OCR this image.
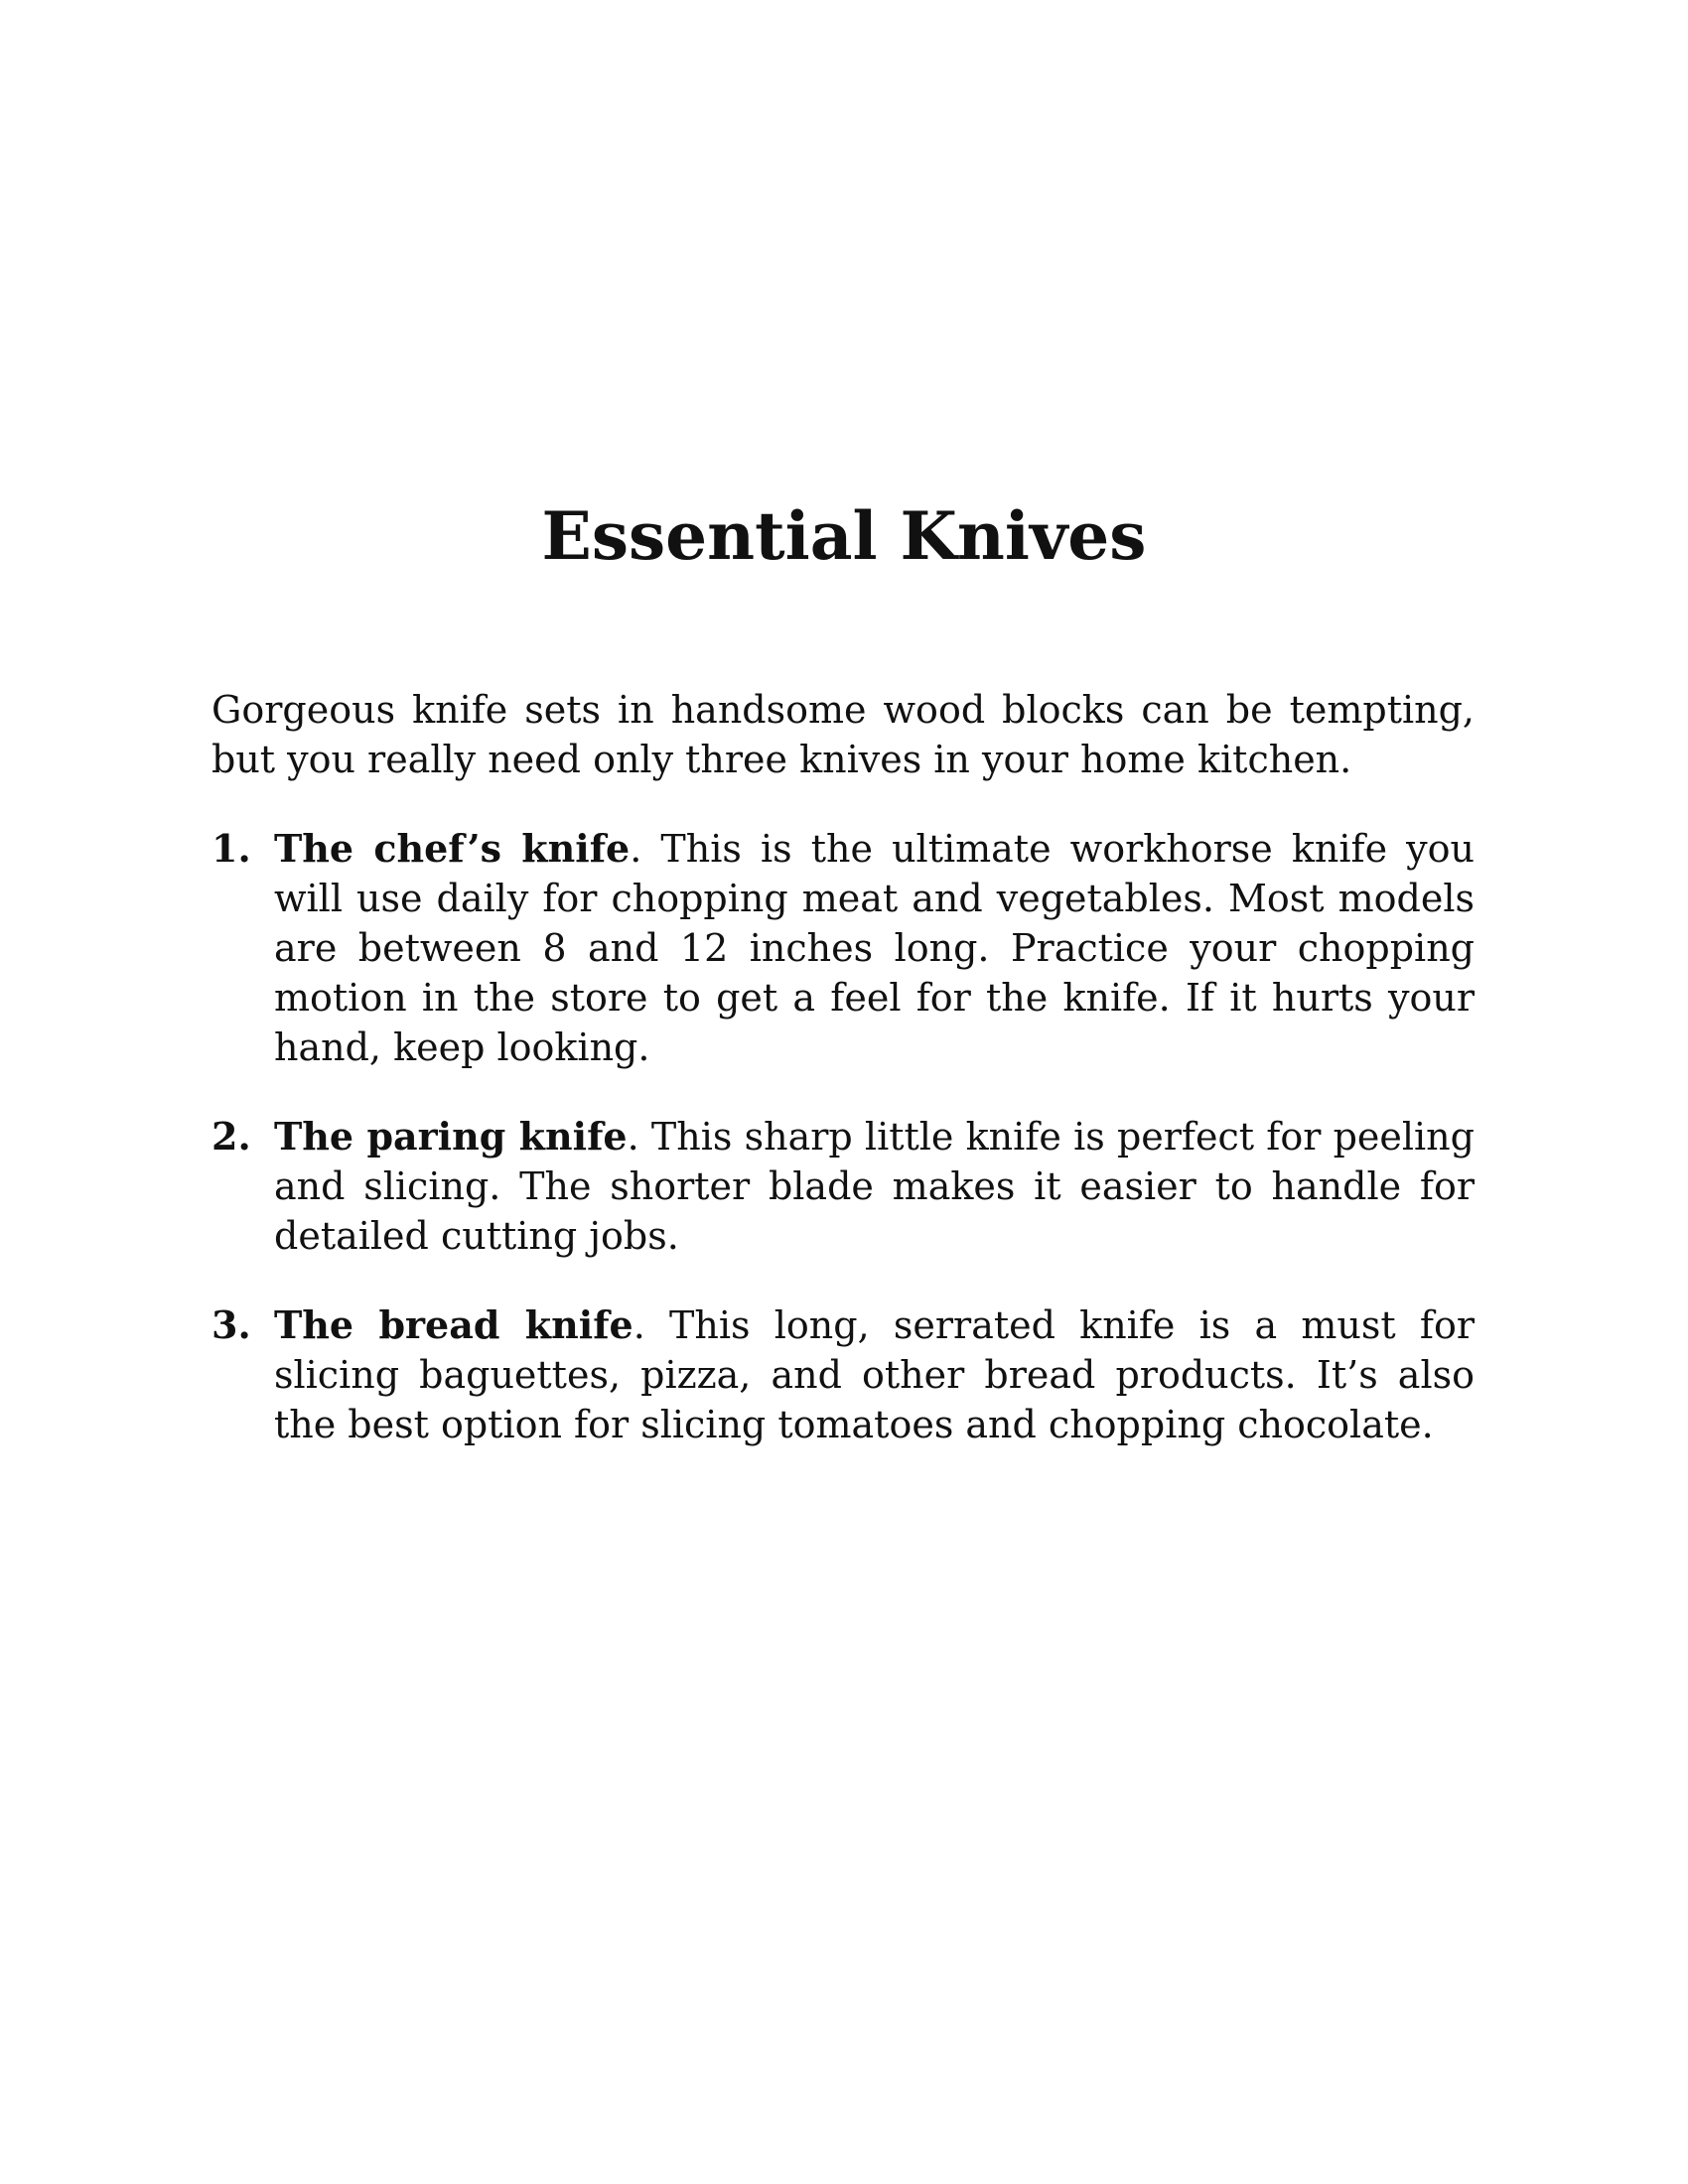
Essential Knives

Gorgeous knife sets in handsome wood blocks can be tempting, but you really need only three knives in your home kitchen.

1. The chef’s knife. This is the ultimate workhorse knife you will use daily for chopping meat and vegetables. Most models are between 8 and 12 inches long. Practice your chopping motion in the store to get a feel for the knife. If it hurts your hand, keep looking.
2. The paring knife. This sharp little knife is perfect for peeling and slicing. The shorter blade makes it easier to handle for detailed cutting jobs.
3. The bread knife. This long, serrated knife is a must for slicing baguettes, pizza, and other bread products. It’s also the best option for slicing tomatoes and chopping chocolate.
